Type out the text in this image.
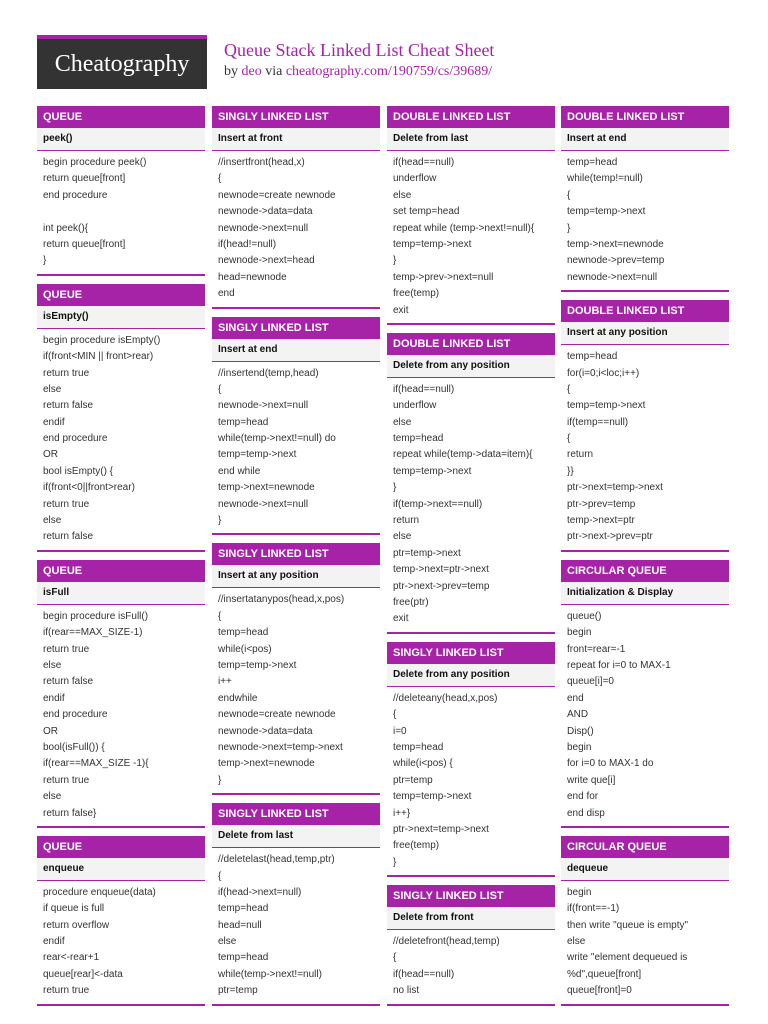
Cheatography
Queue Stack Linked List Cheat Sheet
by deo via cheatography.com/190759/cs/39689/
QUEUE
peek()
begin procedure peek()
return queue[front]
end procedure
int peek(){
return queue[front]
}
QUEUE
isEmpty()
begin procedure isEmpty()
if(front<MIN || front>rear)
return true
else
return false
endif
end procedure
OR
bool isEmpty() {
if(front<0||front>rear)
return true
else
return false
QUEUE
isFull
begin procedure isFull()
if(rear==MAX_SIZE-1)
return true
else
return false
endif
end procedure
OR
bool(isFull()) {
if(rear==MAX_SIZE -1){
return true
else
return false}
QUEUE
enqueue
procedure enqueue(data)
if queue is full
return overflow
endif
rear<-rear+1
queue[rear]<-data
return true
SINGLY LINKED LIST
Insert at front
//insertfront(head,x)
{
newnode=create newnode
newnode->data=data
newnode->next=null
if(head!=null)
newnode->next=head
head=newnode
end
SINGLY LINKED LIST
Insert at end
//insertend(temp,head)
{
newnode->next=null
temp=head
while(temp->next!=null) do
temp=temp->next
end while
temp->next=newnode
newnode->next=null
}
SINGLY LINKED LIST
Insert at any position
//insertatanypos(head,x,pos)
{
temp=head
while(i<pos)
temp=temp->next
i++
endwhile
newnode=create newnode
newnode->data=data
newnode->next=temp->next
temp->next=newnode
}
SINGLY LINKED LIST
Delete from last
//deletelast(head,temp,ptr)
{
if(head->next=null)
temp=head
head=null
else
temp=head
while(temp->next!=null)
ptr=temp
DOUBLE LINKED LIST
Delete from last
if(head==null)
underflow
else
set temp=head
repeat while (temp->next!=null){
temp=temp->next
}
temp->prev->next=null
free(temp)
exit
DOUBLE LINKED LIST
Delete from any position
if(head==null)
underflow
else
temp=head
repeat while(temp->data=item){
temp=temp->next
}
if(temp->next==null)
return
else
ptr=temp->next
temp->next=ptr->next
ptr->next->prev=temp
free(ptr)
exit
SINGLY LINKED LIST
Delete from any position
//deleteany(head,x,pos)
{
i=0
temp=head
while(i<pos) {
ptr=temp
temp=temp->next
i++}
ptr->next=temp->next
free(temp)
}
SINGLY LINKED LIST
Delete from front
//deletefront(head,temp)
{
if(head==null)
no list
DOUBLE LINKED LIST
Insert at end
temp=head
while(temp!=null)
{
temp=temp->next
}
temp->next=newnode
newnode->prev=temp
newnode->next=null
DOUBLE LINKED LIST
Insert at any position
temp=head
for(i=0;i<loc;i++)
{
temp=temp->next
if(temp==null)
{
return
}}
ptr->next=temp->next
ptr->prev=temp
temp->next=ptr
ptr->next->prev=ptr
CIRCULAR QUEUE
Initialization & Display
queue()
begin
front=rear=-1
repeat for i=0 to MAX-1
queue[i]=0
end
AND
Disp()
begin
for i=0 to MAX-1 do
write que[i]
end for
end disp
CIRCULAR QUEUE
dequeue
begin
if(front==-1)
then write "queue is empty"
else
write "element dequeued is
%d",queue[front]
queue[front]=0
